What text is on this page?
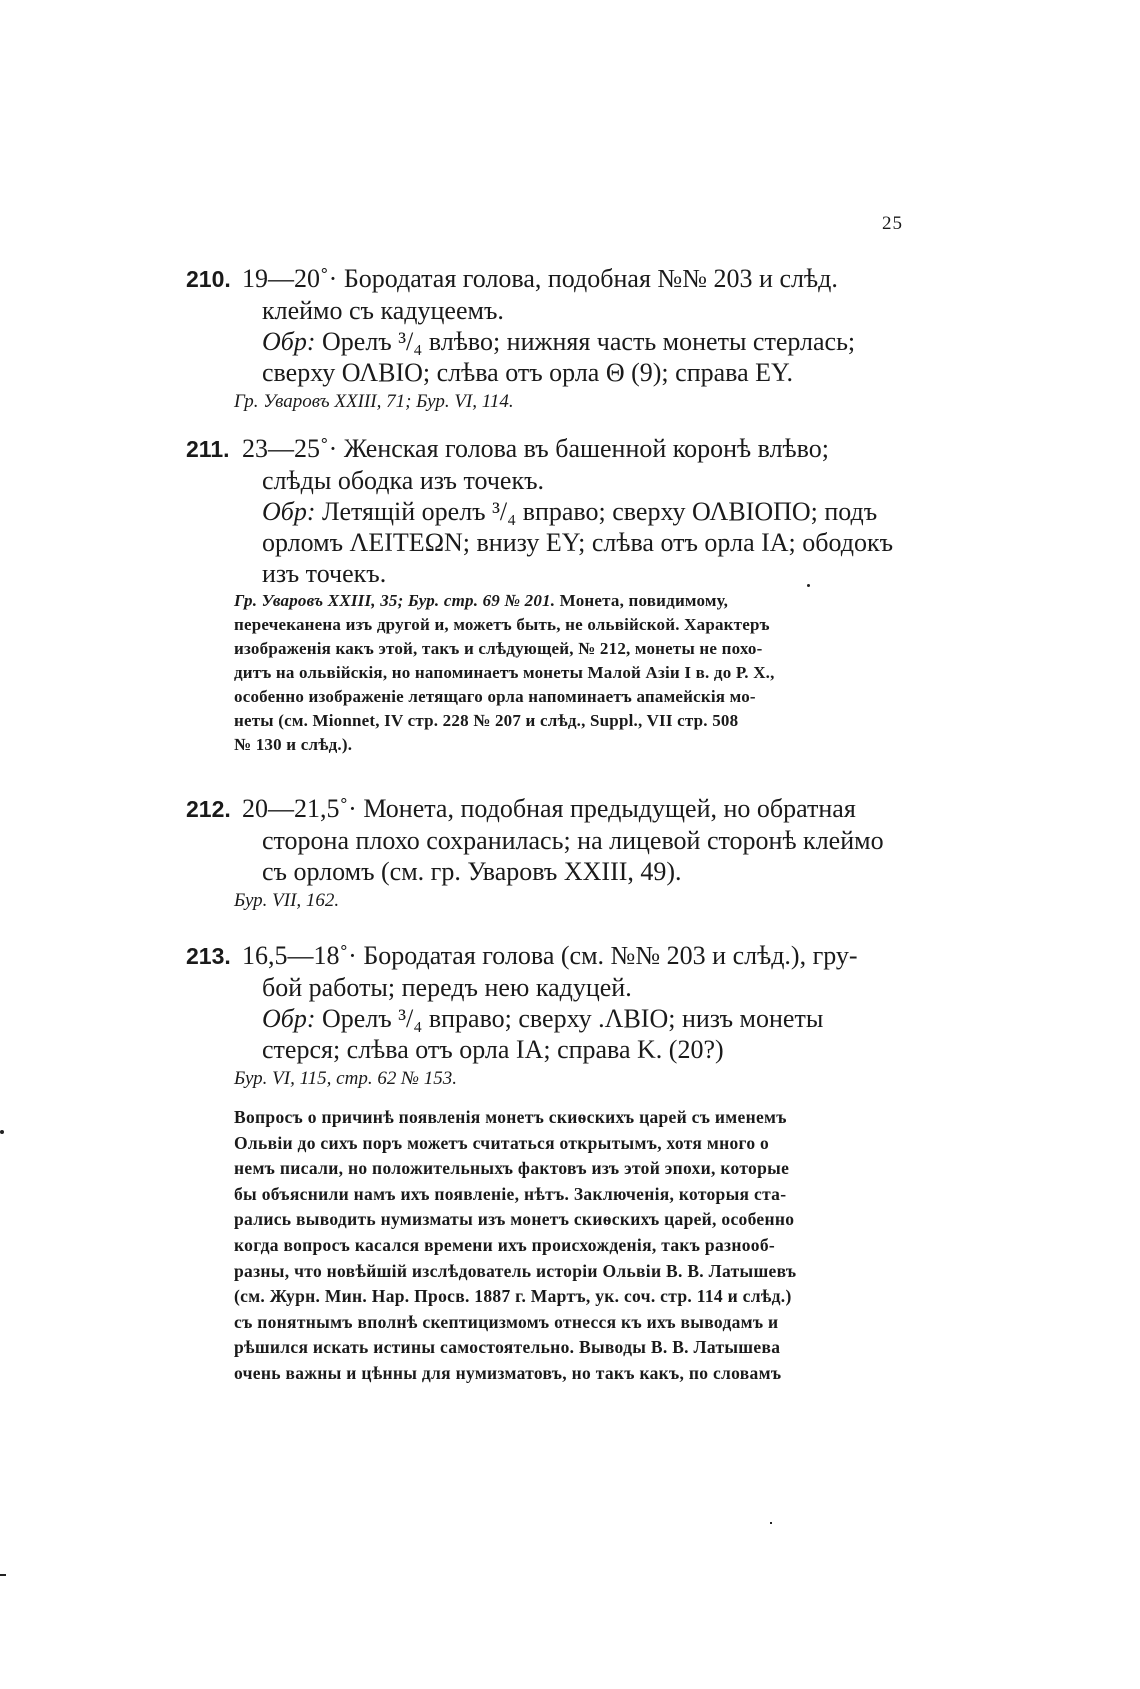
25

210. 19—20˚· Бородатая голова, подобная №№ 203 и слѣд.

клеймо съ кадуцеемъ.

Обр: Орелъ ³/₄ влѣво; нижняя часть монеты стерлась;

сверху ΟΛΒΙΟ; слѣва отъ орла Θ (9); справа ΕΥ.

Гр. Уваровъ XXIII, 71; Бур. VI, 114.

211. 23—25˚· Женская голова въ башенной коронѣ влѣво;

слѣды ободка изъ точекъ.

Обр: Летящій орелъ ³/₄ вправо; сверху ΟΛΒΙΟΠΟ; подъ

орломъ ΛΕΙΤΕΩΝ; внизу ΕΥ; слѣва отъ орла ΙΑ; ободокъ

изъ точекъ.

Гр. Уваровъ XXIII, 35; Бур. стр. 69 № 201. Монета, повидимому,

перечеканена изъ другой и, можетъ быть, не ольвійской. Характеръ

изображенія какъ этой, такъ и слѣдующей, № 212, монеты не похо-

дитъ на ольвійскія, но напоминаетъ монеты Малой Азіи I в. до Р. Х.,

особенно изображеніе летящаго орла напоминаетъ апамейскія мо-

неты (см. Mionnet, IV стр. 228 № 207 и слѣд., Suppl., VII стр. 508

№ 130 и слѣд.).

212. 20—21,5˚· Монета, подобная предыдущей, но обратная

сторона плохо сохранилась; на лицевой сторонѣ клеймо

съ орломъ (см. гр. Уваровъ XXIII, 49).

Бур. VII, 162.

213. 16,5—18˚· Бородатая голова (см. №№ 203 и слѣд.), гру-

бой работы; передъ нею кадуцей.

Обр: Орелъ ³/₄ вправо; сверху .ΛΒΙΟ; низъ монеты

стерся; слѣва отъ орла ΙΑ; справа Κ. (20?)

Бур. VI, 115, стр. 62 № 153.

Вопросъ о причинѣ появленія монетъ скиѳскихъ царей съ именемъ

Ольвіи до сихъ поръ можетъ считаться открытымъ, хотя много о

немъ писали, но положительныхъ фактовъ изъ этой эпохи, которые

бы объяснили намъ ихъ появленіе, нѣтъ. Заключенія, которыя ста-

рались выводить нумизматы изъ монетъ скиѳскихъ царей, особенно

когда вопросъ касался времени ихъ происхожденія, такъ разнооб-

разны, что новѣйшій изслѣдователь исторіи Ольвіи В. В. Латышевъ

(см. Журн. Мин. Нар. Просв. 1887 г. Мартъ, ук. соч. стр. 114 и слѣд.)

съ понятнымъ вполнѣ скептицизмомъ отнесся къ ихъ выводамъ и

рѣшился искать истины самостоятельно. Выводы В. В. Латышева

очень важны и цѣнны для нумизматовъ, но такъ какъ, по словамъ
